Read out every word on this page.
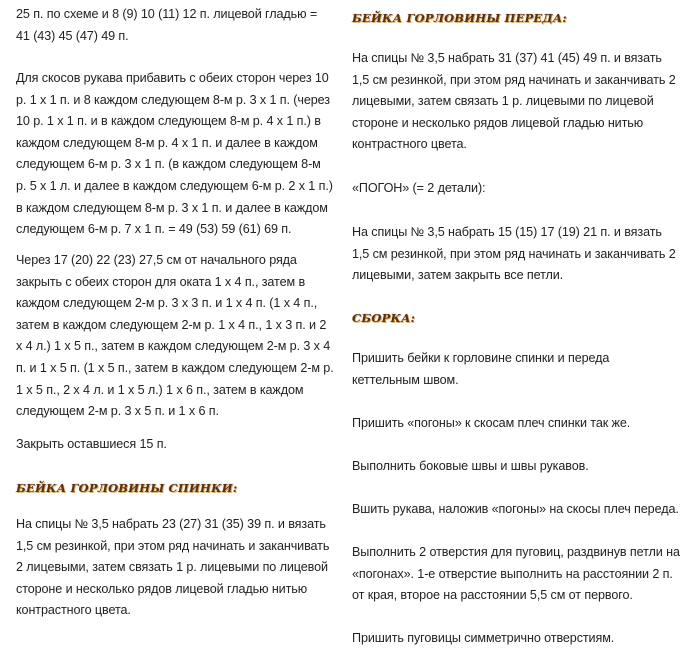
25 п. по схеме и 8 (9) 10 (11) 12 п. лицевой гладью = 41 (43) 45 (47) 49 п.

Для скосов рукава прибавить с обеих сторон через 10 р. 1 х 1 п. и 8 каждом следующем 8-м р. 3 х 1 п. (через 10 р. 1 х 1 п. и в каждом следующем 8-м р. 4 х 1 п.) в каждом следующем 8-м р. 4 х 1 п. и далее в каждом следующем 6-м р. 3 х 1 п. (в каждом следующем 8-м р. 5 х 1 л. и далее в каждом следующем 6-м р. 2 х 1 п.) в каждом следующем 8-м р. 3 х 1 п. и далее в каждом следующем 6-м р. 7 х 1 п. = 49 (53) 59 (61) 69 п.

Через 17 (20) 22 (23) 27,5 см от начального ряда закрыть с обеих сторон для оката 1 х 4 п., затем в каждом следующем 2-м р. 3 х 3 п. и 1 х 4 п. (1 х 4 п., затем в каждом следующем 2-м р. 1 х 4 п., 1 х 3 п. и 2 х 4 л.) 1 х 5 п., затем в каждом следующем 2-м р. 3 х 4 п. и 1 х 5 п. (1 х 5 п., затем в каждом следующем 2-м р. 1 х 5 п., 2 х 4 л. и 1 х 5 л.) 1 х 6 п., затем в каждом следующем 2-м р. 3 х 5 п. и 1 х 6 п.

Закрыть оставшиеся 15 п.

БЕЙКА ГОРЛОВИНЫ СПИНКИ:

На спицы № 3,5 набрать 23 (27) 31 (35) 39 п. и вязать 1,5 см резинкой, при этом ряд начинать и заканчивать 2 лицевыми, затем связать 1 р. лицевыми по лицевой стороне и несколько рядов лицевой гладью нитью контрастного цвета.

БЕЙКА ГОРЛОВИНЫ ПЕРЕДА:

На спицы № 3,5 набрать 31 (37) 41 (45) 49 п. и вязать 1,5 см резинкой, при этом ряд начинать и заканчивать 2 лицевыми, затем связать 1 р. лицевыми по лицевой стороне и несколько рядов лицевой гладью нитью контрастного цвета.

«ПОГОН» (= 2 детали):

На спицы № 3,5 набрать 15 (15) 17 (19) 21 п. и вязать 1,5 см резинкой, при этом ряд начинать и заканчивать 2 лицевыми, затем закрыть все петли.

СБОРКА:

Пришить бейки к горловине спинки и переда кеттельным швом.

Пришить «погоны» к скосам плеч спинки так же.

Выполнить боковые швы и швы рукавов.

Вшить рукава, наложив «погоны» на скосы плеч переда.

Выполнить 2 отверстия для пуговиц, раздвинув петли на «погонах». 1-е отверстие выполнить на расстоянии 2 п. от края, второе на расстоянии 5,5 см от первого.

Пришить пуговицы симметрично отверстиям.
